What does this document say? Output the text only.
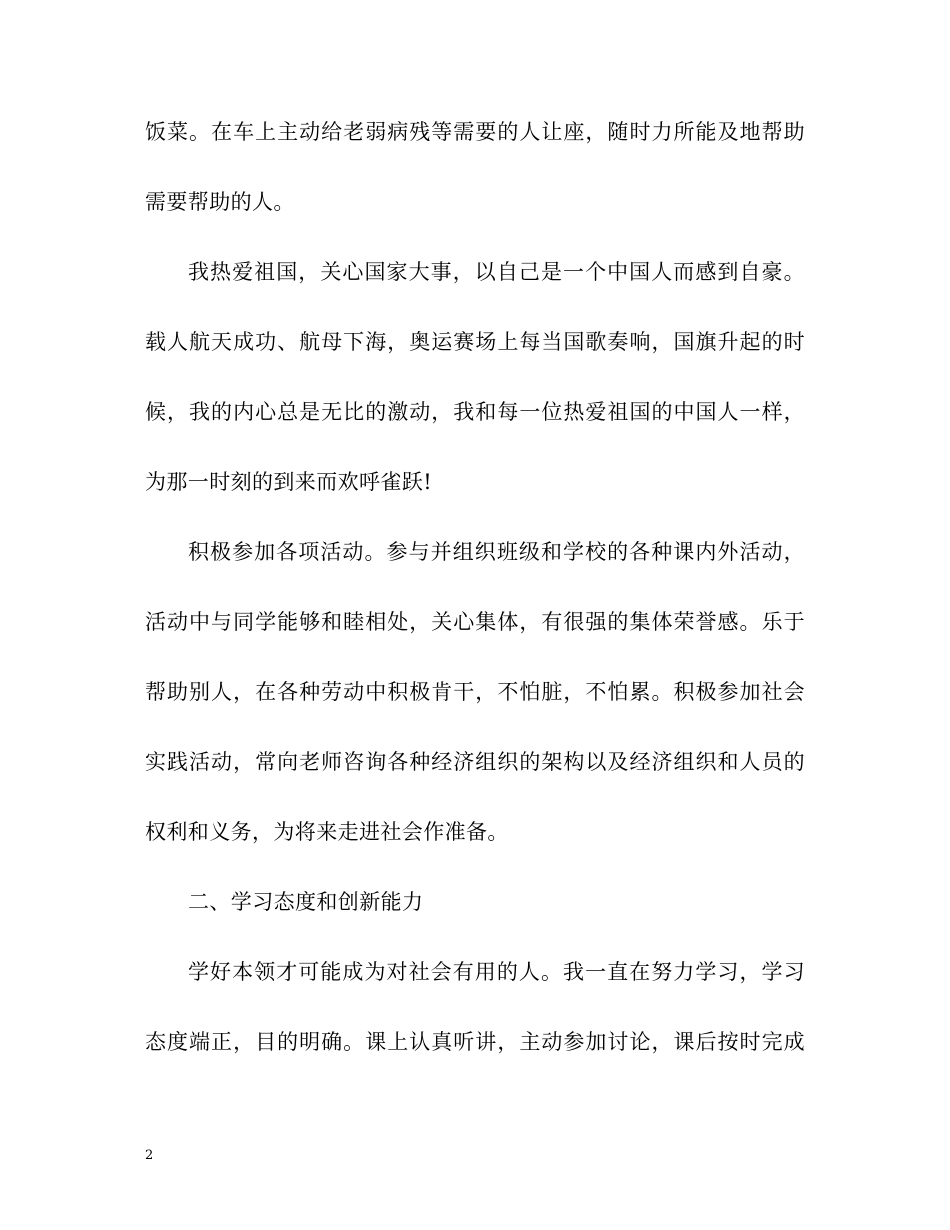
饭菜。在车上主动给老弱病残等需要的人让座，随时力所能及地帮助
需要帮助的人。
我热爱祖国，关心国家大事，以自己是一个中国人而感到自豪。
载人航天成功、航母下海，奥运赛场上每当国歌奏响，国旗升起的时
候，我的内心总是无比的激动，我和每一位热爱祖国的中国人一样，
为那一时刻的到来而欢呼雀跃!
积极参加各项活动。参与并组织班级和学校的各种课内外活动，
活动中与同学能够和睦相处，关心集体，有很强的集体荣誉感。乐于
帮助别人，在各种劳动中积极肯干，不怕脏，不怕累。积极参加社会
实践活动，常向老师咨询各种经济组织的架构以及经济组织和人员的
权利和义务，为将来走进社会作准备。
二、学习态度和创新能力
学好本领才可能成为对社会有用的人。我一直在努力学习，学习
态度端正，目的明确。课上认真听讲，主动参加讨论，课后按时完成
2
